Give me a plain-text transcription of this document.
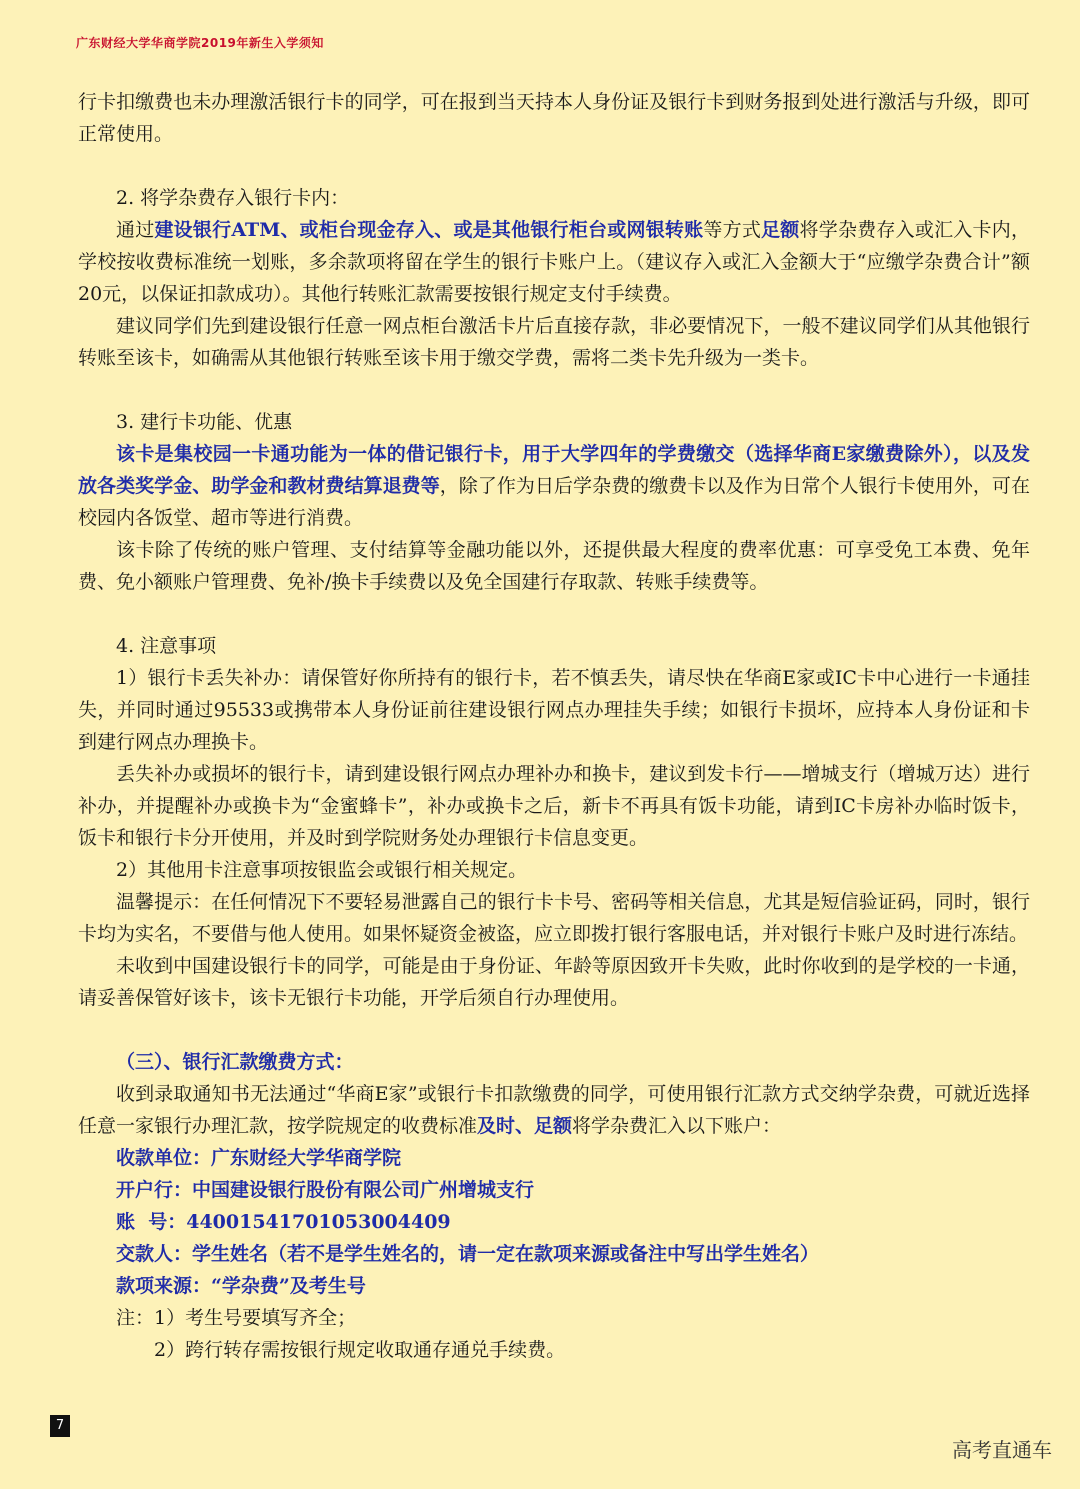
广东财经大学华商学院2019年新生入学须知

行卡扣缴费也未办理激活银行卡的同学，可在报到当天持本人身份证及银行卡到财务报到处进行激活与升级，即可正常使用。

2. 将学杂费存入银行卡内：

通过建设银行ATM、或柜台现金存入、或是其他银行柜台或网银转账等方式足额将学杂费存入或汇入卡内，学校按收费标准统一划账，多余款项将留在学生的银行卡账户上。（建议存入或汇入金额大于“应缴学杂费合计”额20元，以保证扣款成功）。其他行转账汇款需要按银行规定支付手续费。

建议同学们先到建设银行任意一网点柜台激活卡片后直接存款，非必要情况下，一般不建议同学们从其他银行转账至该卡，如确需从其他银行转账至该卡用于缴交学费，需将二类卡先升级为一类卡。

3. 建行卡功能、优惠

该卡是集校园一卡通功能为一体的借记银行卡，用于大学四年的学费缴交（选择华商E家缴费除外），以及发放各类奖学金、助学金和教材费结算退费等，除了作为日后学杂费的缴费卡以及作为日常个人银行卡使用外，可在校园内各饭堂、超市等进行消费。

该卡除了传统的账户管理、支付结算等金融功能以外，还提供最大程度的费率优惠：可享受免工本费、免年费、免小额账户管理费、免补/换卡手续费以及免全国建行存取款、转账手续费等。

4. 注意事项

1）银行卡丢失补办：请保管好你所持有的银行卡，若不慎丢失，请尽快在华商E家或IC卡中心进行一卡通挂失，并同时通过95533或携带本人身份证前往建设银行网点办理挂失手续；如银行卡损坏，应持本人身份证和卡到建行网点办理换卡。

丢失补办或损坏的银行卡，请到建设银行网点办理补办和换卡，建议到发卡行——增城支行（增城万达）进行补办，并提醒补办或换卡为“金蜜蜂卡”，补办或换卡之后，新卡不再具有饭卡功能，请到IC卡房补办临时饭卡，饭卡和银行卡分开使用，并及时到学院财务处办理银行卡信息变更。

2）其他用卡注意事项按银监会或银行相关规定。

温馨提示：在任何情况下不要轻易泄露自己的银行卡卡号、密码等相关信息，尤其是短信验证码，同时，银行卡均为实名，不要借与他人使用。如果怀疑资金被盗，应立即拨打银行客服电话，并对银行卡账户及时进行冻结。

未收到中国建设银行卡的同学，可能是由于身份证、年龄等原因致开卡失败，此时你收到的是学校的一卡通，请妥善保管好该卡，该卡无银行卡功能，开学后须自行办理使用。

（三）、银行汇款缴费方式：

收到录取通知书无法通过“华商E家”或银行卡扣款缴费的同学，可使用银行汇款方式交纳学杂费，可就近选择任意一家银行办理汇款，按学院规定的收费标准及时、足额将学杂费汇入以下账户：

收款单位：广东财经大学华商学院

开户行：中国建设银行股份有限公司广州增城支行

账  号：44001541701053004409

交款人：学生姓名（若不是学生姓名的，请一定在款项来源或备注中写出学生姓名）

款项来源：“学杂费”及考生号

注：1）考生号要填写齐全；

2）跨行转存需按银行规定收取通存通兑手续费。

7
高考直通车
